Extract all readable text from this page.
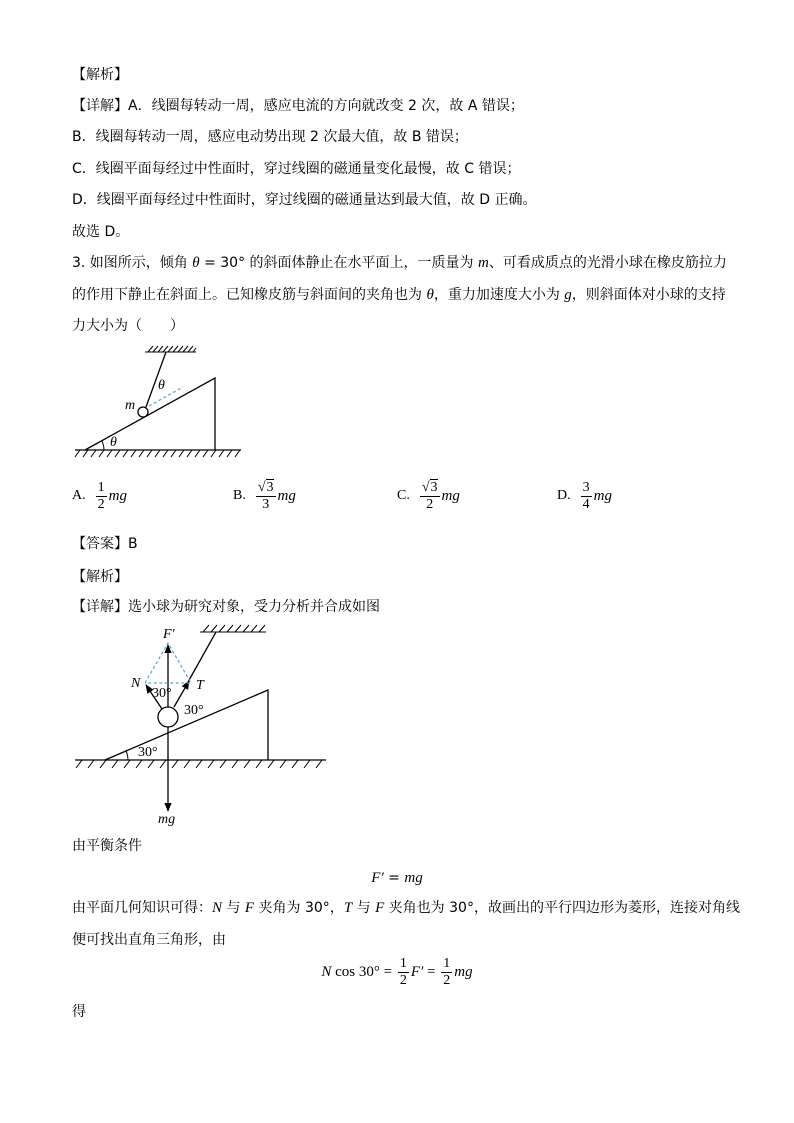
【解析】
【详解】A．线圈每转动一周，感应电流的方向就改变 2 次，故 A 错误；
B．线圈每转动一周，感应电动势出现 2 次最大值，故 B 错误；
C．线圈平面每经过中性面时，穿过线圈的磁通量变化最慢，故 C 错误；
D．线圈平面每经过中性面时，穿过线圈的磁通量达到最大值，故 D 正确。
故选 D。
3. 如图所示，倾角 θ = 30° 的斜面体静止在水平面上，一质量为 m、可看成质点的光滑小球在橡皮筋拉力
的作用下静止在斜面上。已知橡皮筋与斜面间的夹角也为 θ，重力加速度大小为 g，则斜面体对小球的支持
力大小为（　　）
θ
m
θ
A. $\frac{1}{2}$ mg	B. $\frac{√ 3}{3}$ mg	C. $\frac{√ 3}{2}$ mg	D. $\frac{3}{4}$ mg
【答案】B
【解析】
【详解】选小球为研究对象，受力分析并合成如图
F′
N	T
30°
30°
30°
mg
由平衡条件
F′ = mg
由平面几何知识可得：N 与 F 夹角为 30°，T 与 F 夹角也为 30°，故画出的平行四边形为菱形，连接对角线
便可找出直角三角形，由
N $\cos 30^\circ = \frac{1}{2} F' = \frac{1}{2}$ mg
得
